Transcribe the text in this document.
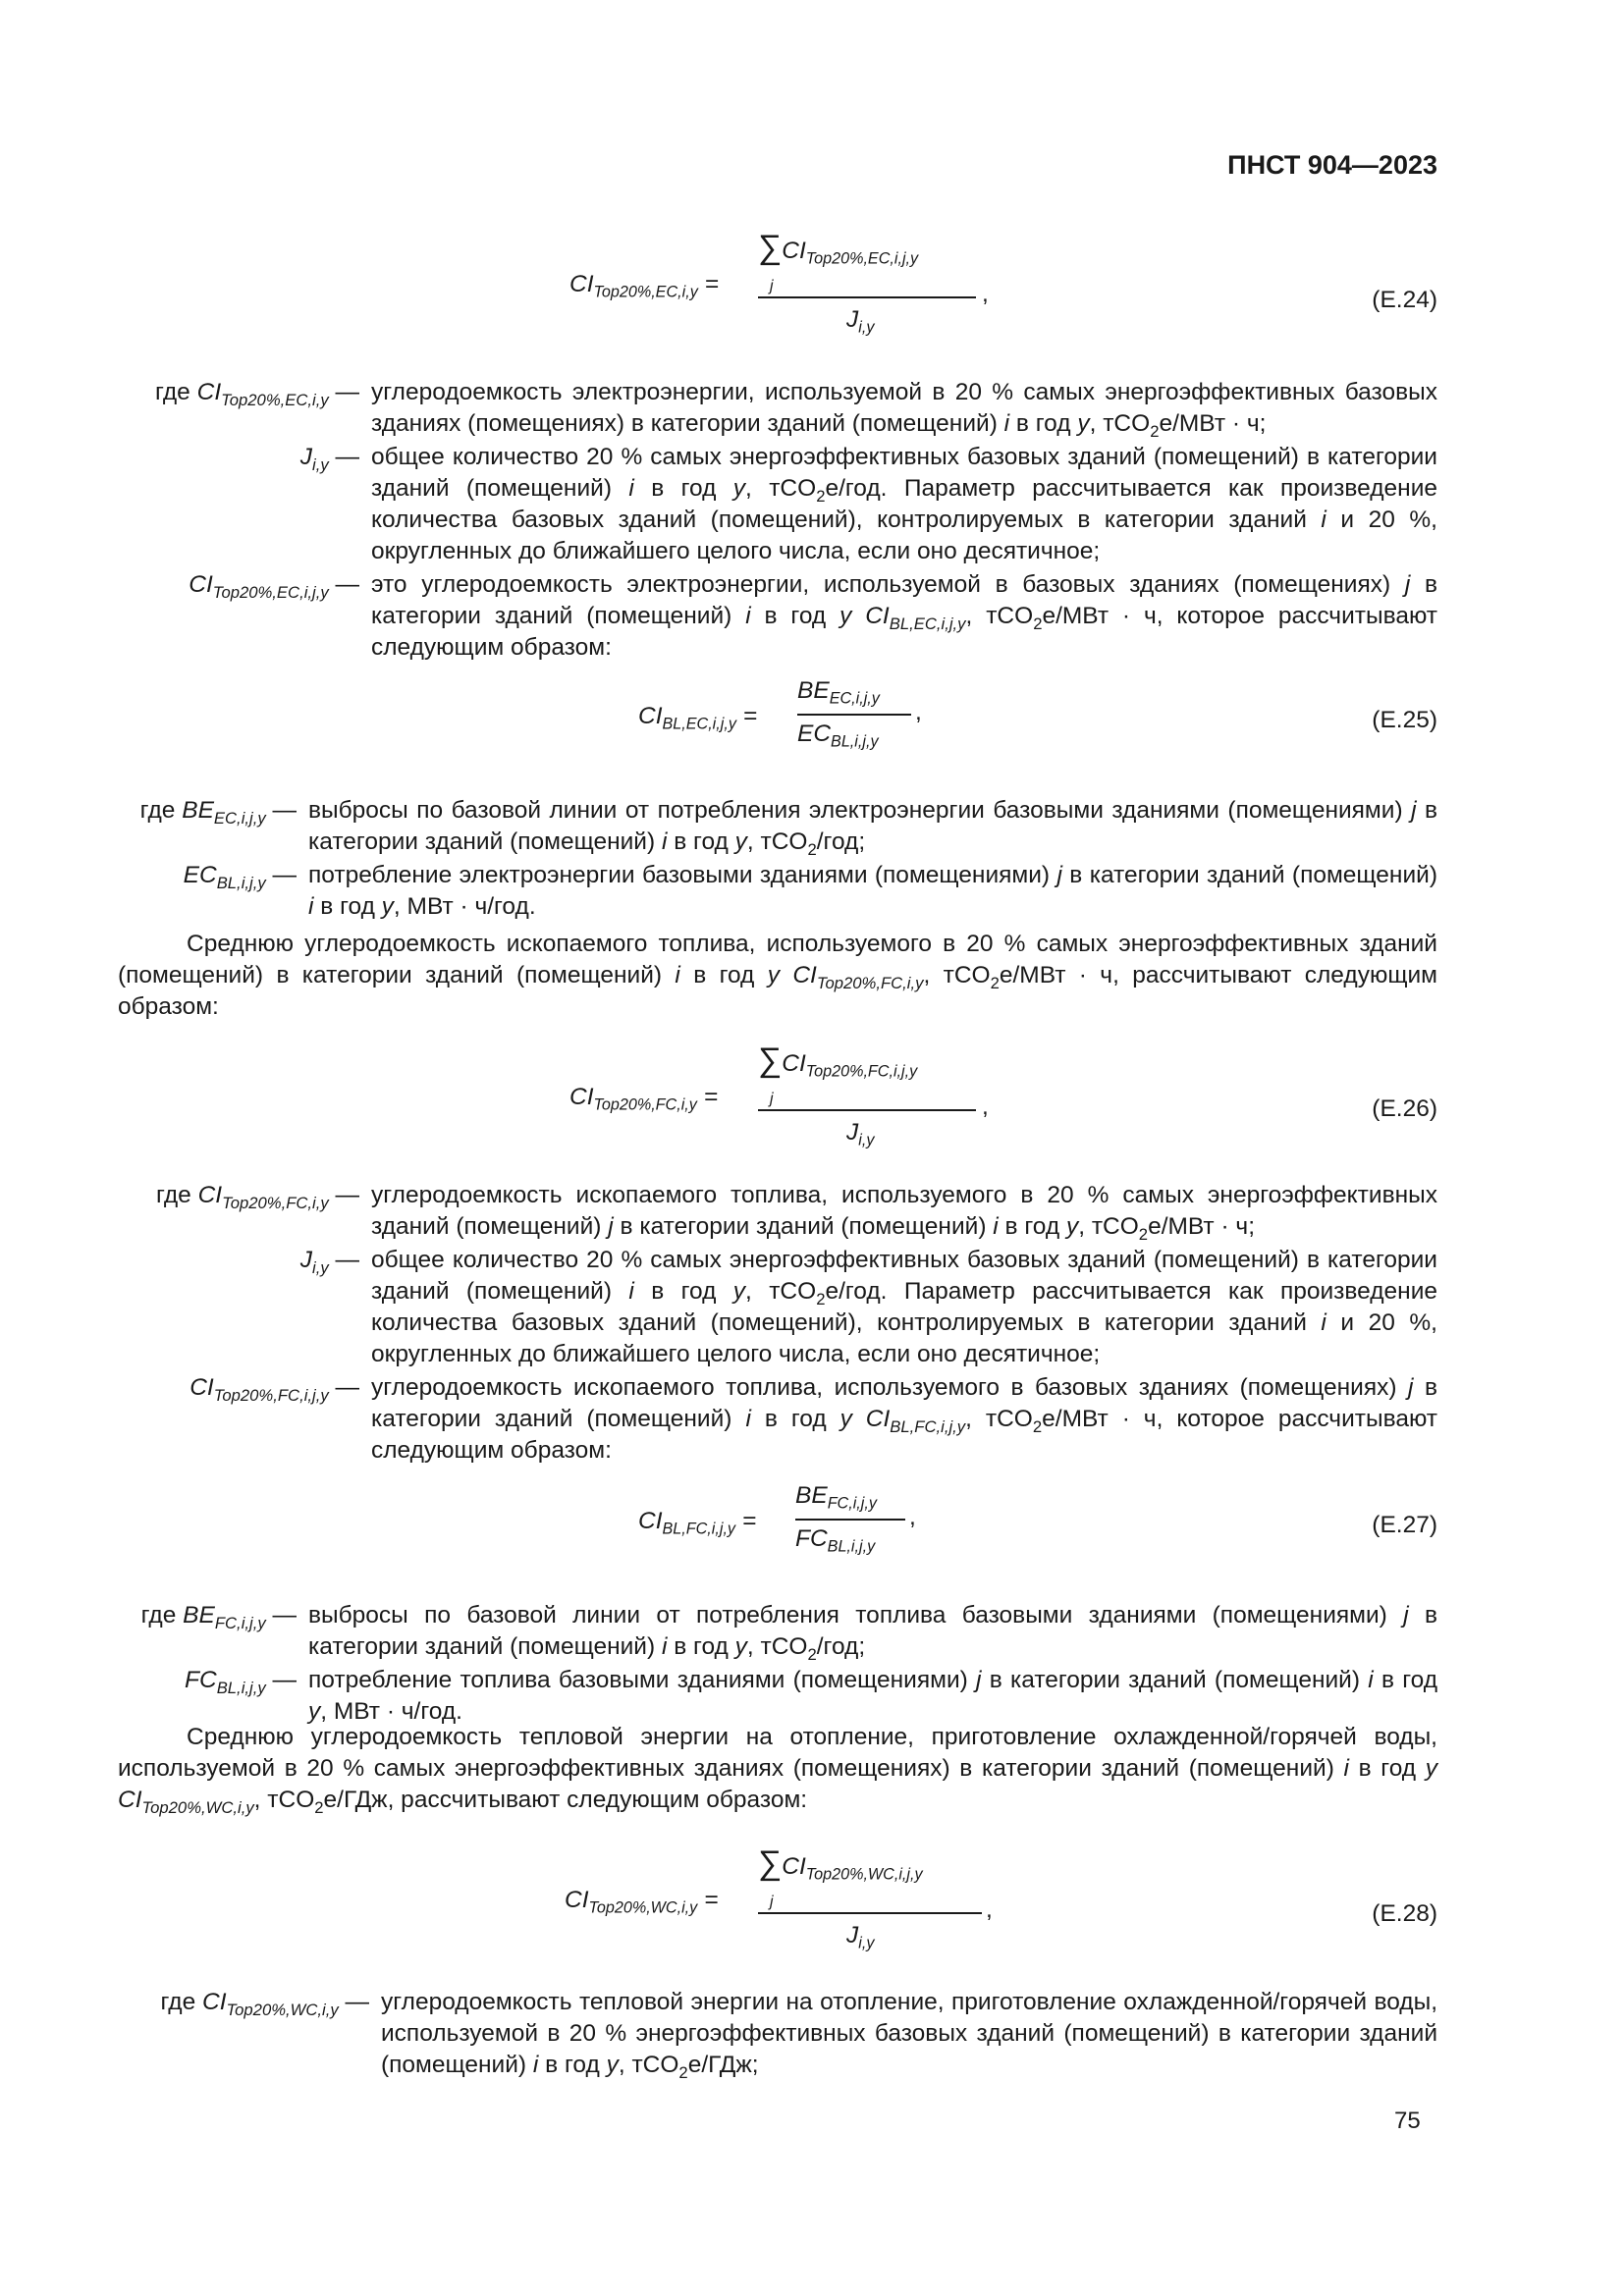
ПНСТ 904—2023
$CI_{Top20\%,EC,i,y}$ =
$\sum CI_{Top20\%,EC,i,j,y}$
j
$J_{i,y}$
,	(E.24)
где $CI_{Top20\%,EC,i,y}$ — углеродоемкость электроэнергии, используемой в 20 % самых энергоэффективных базовых зданиях (помещениях) в категории зданий (помещений) i в год y, тCO$_2$e/МВт · ч;
$J_{i,y}$ — общее количество 20 % самых энергоэффективных базовых зданий (помещений) в категории зданий (помещений) i в год y, тCO$_2$e/год. Параметр рассчитывается как произведение количества базовых зданий (помещений), контролируемых в категории зданий i и 20 %, округленных до ближайшего целого числа, если оно десятичное;
$CI_{Top20\%,EC,i,j,y}$ — это углеродоемкость электроэнергии, используемой в базовых зданиях (помещениях) j в категории зданий (помещений) i в год y $CI_{BL,EC,i,j,y}$, тCO$_2$e/МВт · ч, которое рассчитывают следующим образом:
$CI_{BL,EC,i,j,y}$ =
$BE_{EC,i,j,y}$
$EC_{BL,i,j,y}$
,	(E.25)
где $BE_{EC,i,j,y}$ — выбросы по базовой линии от потребления электроэнергии базовыми зданиями (помещениями) j в категории зданий (помещений) i в год y, тCO$_2$/год;
$EC_{BL,i,j,y}$ — потребление электроэнергии базовыми зданиями (помещениями) j в категории зданий (помещений) i в год y, МВт · ч/год.
Среднюю углеродоемкость ископаемого топлива, используемого в 20 % самых энергоэффективных зданий (помещений) в категории зданий (помещений) i в год y $CI_{Top20\%,FC,i,y}$, тCO$_2$e/МВт · ч, рассчитывают следующим образом:
$CI_{Top20\%,FC,i,y}$ =
$\sum CI_{Top20\%,FC,i,j,y}$
j
$J_{i,y}$
,	(E.26)
где $CI_{Top20\%,FC,i,y}$ — углеродоемкость ископаемого топлива, используемого в 20 % самых энергоэффективных зданий (помещений) j в категории зданий (помещений) i в год y, тCO$_2$e/МВт · ч;
$J_{i,y}$ — общее количество 20 % самых энергоэффективных базовых зданий (помещений) в категории зданий (помещений) i в год y, тCO$_2$e/год. Параметр рассчитывается как произведение количества базовых зданий (помещений), контролируемых в категории зданий i и 20 %, округленных до ближайшего целого числа, если оно десятичное;
$CI_{Top20\%,FC,i,j,y}$ — углеродоемкость ископаемого топлива, используемого в базовых зданиях (помещениях) j в категории зданий (помещений) i в год y $CI_{BL,FC,i,j,y}$, тCO$_2$e/МВт · ч, которое рассчитывают следующим образом:
$CI_{BL,FC,i,j,y}$ =
$BE_{FC,i,j,y}$
$FC_{BL,i,j,y}$
,	(E.27)
где $BE_{FC,i,j,y}$ — выбросы по базовой линии от потребления топлива базовыми зданиями (помещениями) j в категории зданий (помещений) i в год y, тCO$_2$/год;
$FC_{BL,i,j,y}$ — потребление топлива базовыми зданиями (помещениями) j в категории зданий (помещений) i в год y, МВт · ч/год.
Среднюю углеродоемкость тепловой энергии на отопление, приготовление охлажденной/горячей воды, используемой в 20 % самых энергоэффективных зданиях (помещениях) в категории зданий (помещений) i в год y $CI_{Top20\%,WC,i,y}$, тCO$_2$e/ГДж, рассчитывают следующим образом:
$CI_{Top20\%,WC,i,y}$ =
$\sum CI_{Top20\%,WC,i,j,y}$
j
$J_{i,y}$
,	(E.28)
где $CI_{Top20\%,WC,i,y}$ — углеродоемкость тепловой энергии на отопление, приготовление охлажденной/горячей воды, используемой в 20 % энергоэффективных базовых зданий (помещений) в категории зданий (помещений) i в год y, тCO$_2$e/ГДж;
75
